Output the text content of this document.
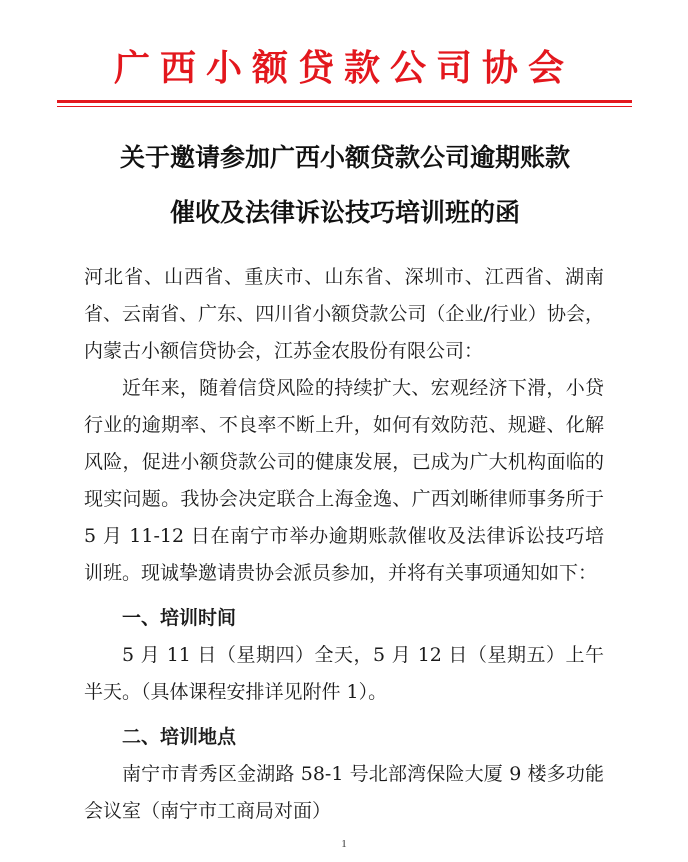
广西小额贷款公司协会
关于邀请参加广西小额贷款公司逾期账款
催收及法律诉讼技巧培训班的函

河北省、山西省、重庆市、山东省、深圳市、江西省、湖南省、云南省、广东、四川省小额贷款公司（企业/行业）协会，内蒙古小额信贷协会，江苏金农股份有限公司：

近年来，随着信贷风险的持续扩大、宏观经济下滑，小贷行业的逾期率、不良率不断上升，如何有效防范、规避、化解风险，促进小额贷款公司的健康发展，已成为广大机构面临的现实问题。我协会决定联合上海金逸、广西刘晰律师事务所于 5 月 11-12 日在南宁市举办逾期账款催收及法律诉讼技巧培训班。现诚挚邀请贵协会派员参加，并将有关事项通知如下：

一、培训时间

5 月 11 日（星期四）全天，5 月 12 日（星期五）上午半天。（具体课程安排详见附件 1）。

二、培训地点

南宁市青秀区金湖路 58-1 号北部湾保险大厦 9 楼多功能会议室（南宁市工商局对面）

1
